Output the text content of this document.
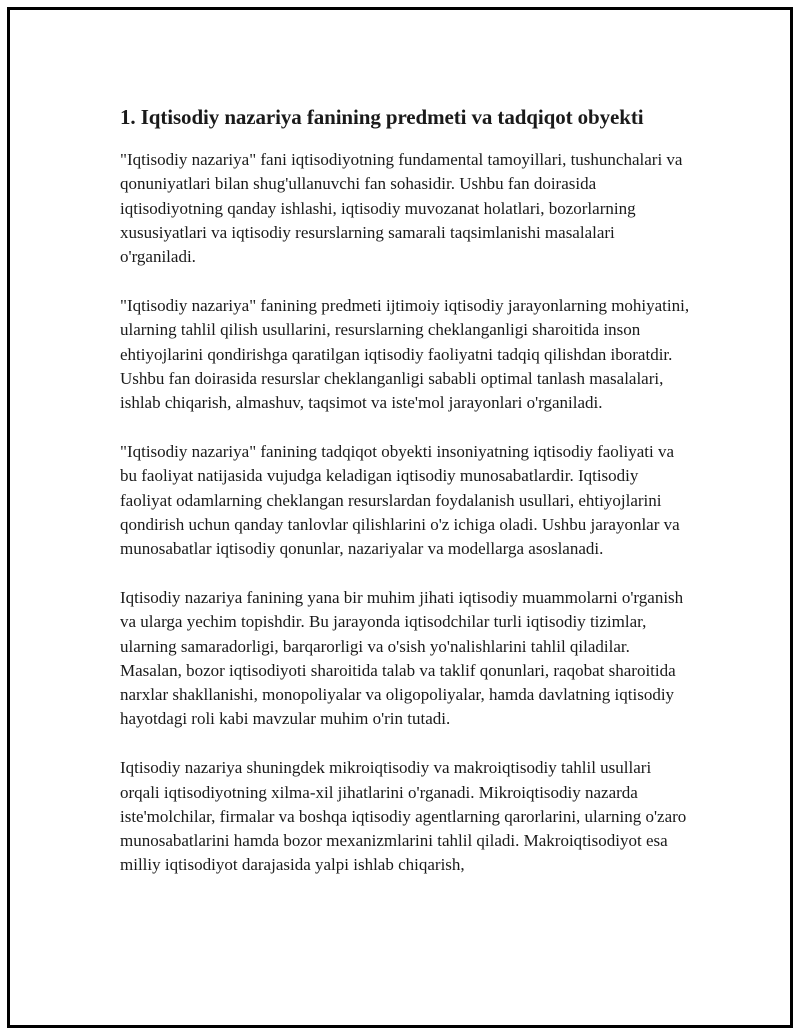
1. Iqtisodiy nazariya fanining predmeti va tadqiqot obyekti

"Iqtisodiy nazariya" fani iqtisodiyotning fundamental tamoyillari, tushunchalari va qonuniyatlari bilan shug'ullanuvchi fan sohasidir. Ushbu fan doirasida iqtisodiyotning qanday ishlashi, iqtisodiy muvozanat holatlari, bozorlarning xususiyatlari va iqtisodiy resurslarning samarali taqsimlanishi masalalari o'rganiladi.

"Iqtisodiy nazariya" fanining predmeti ijtimoiy iqtisodiy jarayonlarning mohiyatini, ularning tahlil qilish usullarini, resurslarning cheklanganligi sharoitida inson ehtiyojlarini qondirishga qaratilgan iqtisodiy faoliyatni tadqiq qilishdan iboratdir. Ushbu fan doirasida resurslar cheklanganligi sababli optimal tanlash masalalari, ishlab chiqarish, almashuv, taqsimot va iste'mol jarayonlari o'rganiladi.

"Iqtisodiy nazariya" fanining tadqiqot obyekti insoniyatning iqtisodiy faoliyati va bu faoliyat natijasida vujudga keladigan iqtisodiy munosabatlardir. Iqtisodiy faoliyat odamlarning cheklangan resurslardan foydalanish usullari, ehtiyojlarini qondirish uchun qanday tanlovlar qilishlarini o'z ichiga oladi. Ushbu jarayonlar va munosabatlar iqtisodiy qonunlar, nazariyalar va modellarga asoslanadi.

Iqtisodiy nazariya fanining yana bir muhim jihati iqtisodiy muammolarni o'rganish va ularga yechim topishdir. Bu jarayonda iqtisodchilar turli iqtisodiy tizimlar, ularning samaradorligi, barqarorligi va o'sish yo'nalishlarini tahlil qiladilar. Masalan, bozor iqtisodiyoti sharoitida talab va taklif qonunlari, raqobat sharoitida narxlar shakllanishi, monopoliyalar va oligopoliyalar, hamda davlatning iqtisodiy hayotdagi roli kabi mavzular muhim o'rin tutadi.

Iqtisodiy nazariya shuningdek mikroiqtisodiy va makroiqtisodiy tahlil usullari orqali iqtisodiyotning xilma-xil jihatlarini o'rganadi. Mikroiqtisodiy nazarda iste'molchilar, firmalar va boshqa iqtisodiy agentlarning qarorlarini, ularning o'zaro munosabatlarini hamda bozor mexanizmlarini tahlil qiladi. Makroiqtisodiyot esa milliy iqtisodiyot darajasida yalpi ishlab chiqarish,
